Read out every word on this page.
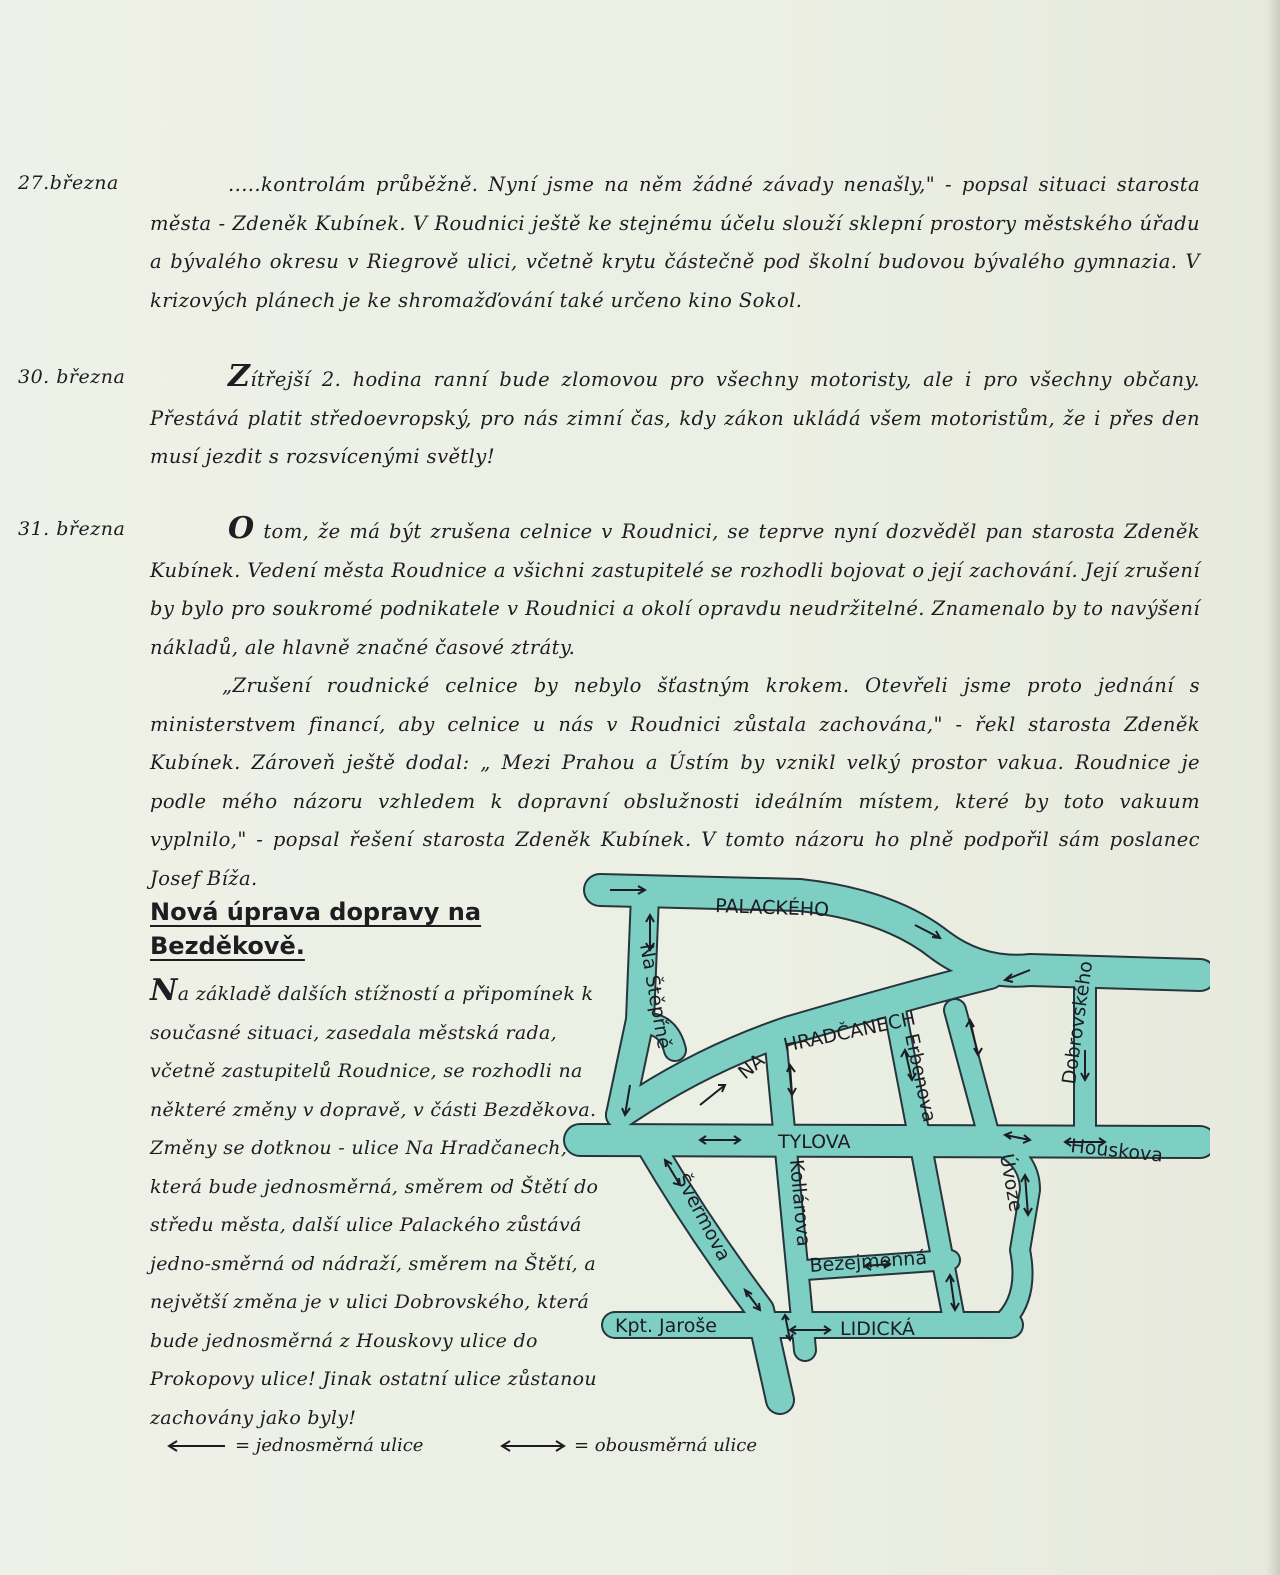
27.března	.....kontrolám průběžně. Nyní jsme na něm žádné závady nenašly," - popsal situaci starosta města - Zdeněk Kubínek. V Roudnici ještě ke stejnému účelu slouží sklepní prostory městského úřadu a bývalého okresu v Riegrově ulici, včetně krytu částečně pod školní budovou bývalého gymnazia. V krizových plánech je ke shromažďování také určeno kino Sokol.

30. března	Zítřejší 2. hodina ranní bude zlomovou pro všechny motoristy, ale i pro všechny občany. Přestává platit středoevropský, pro nás zimní čas, kdy zákon ukládá všem motoristům, že i přes den musí jezdit s rozsvícenými světly!

31. března	O tom, že má být zrušena celnice v Roudnici, se teprve nyní dozvěděl pan starosta Zdeněk Kubínek. Vedení města Roudnice a všichni zastupitelé se rozhodli bojovat o její zachování. Její zrušení by bylo pro soukromé podnikatele v Roudnici a okolí opravdu neudržitelné. Znamenalo by to navýšení nákladů, ale hlavně značné časové ztráty.

„Zrušení roudnické celnice by nebylo šťastným krokem. Otevřeli jsme proto jednání s ministerstvem financí, aby celnice u nás v Roudnici zůstala zachována," - řekl starosta Zdeněk Kubínek. Zároveň ještě dodal: „ Mezi Prahou a Ústím by vznikl velký prostor vakua. Roudnice je podle mého názoru vzhledem k dopravní obslužnosti ideálním místem, které by toto vakuum vyplnilo," - popsal řešení starosta Zdeněk Kubínek. V tomto názoru ho plně podpořil sám poslanec Josef Bíža.

Nová úprava dopravy na Bezděkově.
Na základě dalších stížností a připomínek k současné situaci, zasedala městská rada, včetně zastupitelů Roudnice, se rozhodli na některé změny v dopravě, v části Bezděkova. Změny se dotknou - ulice Na Hradčanech, která bude jednosměrná, směrem od Štětí do středu města, další ulice Palackého zůstává jedno-směrná od nádraží, směrem na Štětí, a největší změna je v ulici Dobrovského, která bude jednosměrná z Houskovy ulice do Prokopovy ulice! Jinak ostatní ulice zůstanou zachovány jako byly!
= jednosměrná ulice	= obousměrná ulice
PALACKÉHO
Na Štěpřně
NA
HRADČANECH
TYLOVA
Erbenova	Dobrovského
Houskova
Úvoze
Kollárova
Švermova	Bezejmenná
Kpt. Jaroše	LIDICKÁ
